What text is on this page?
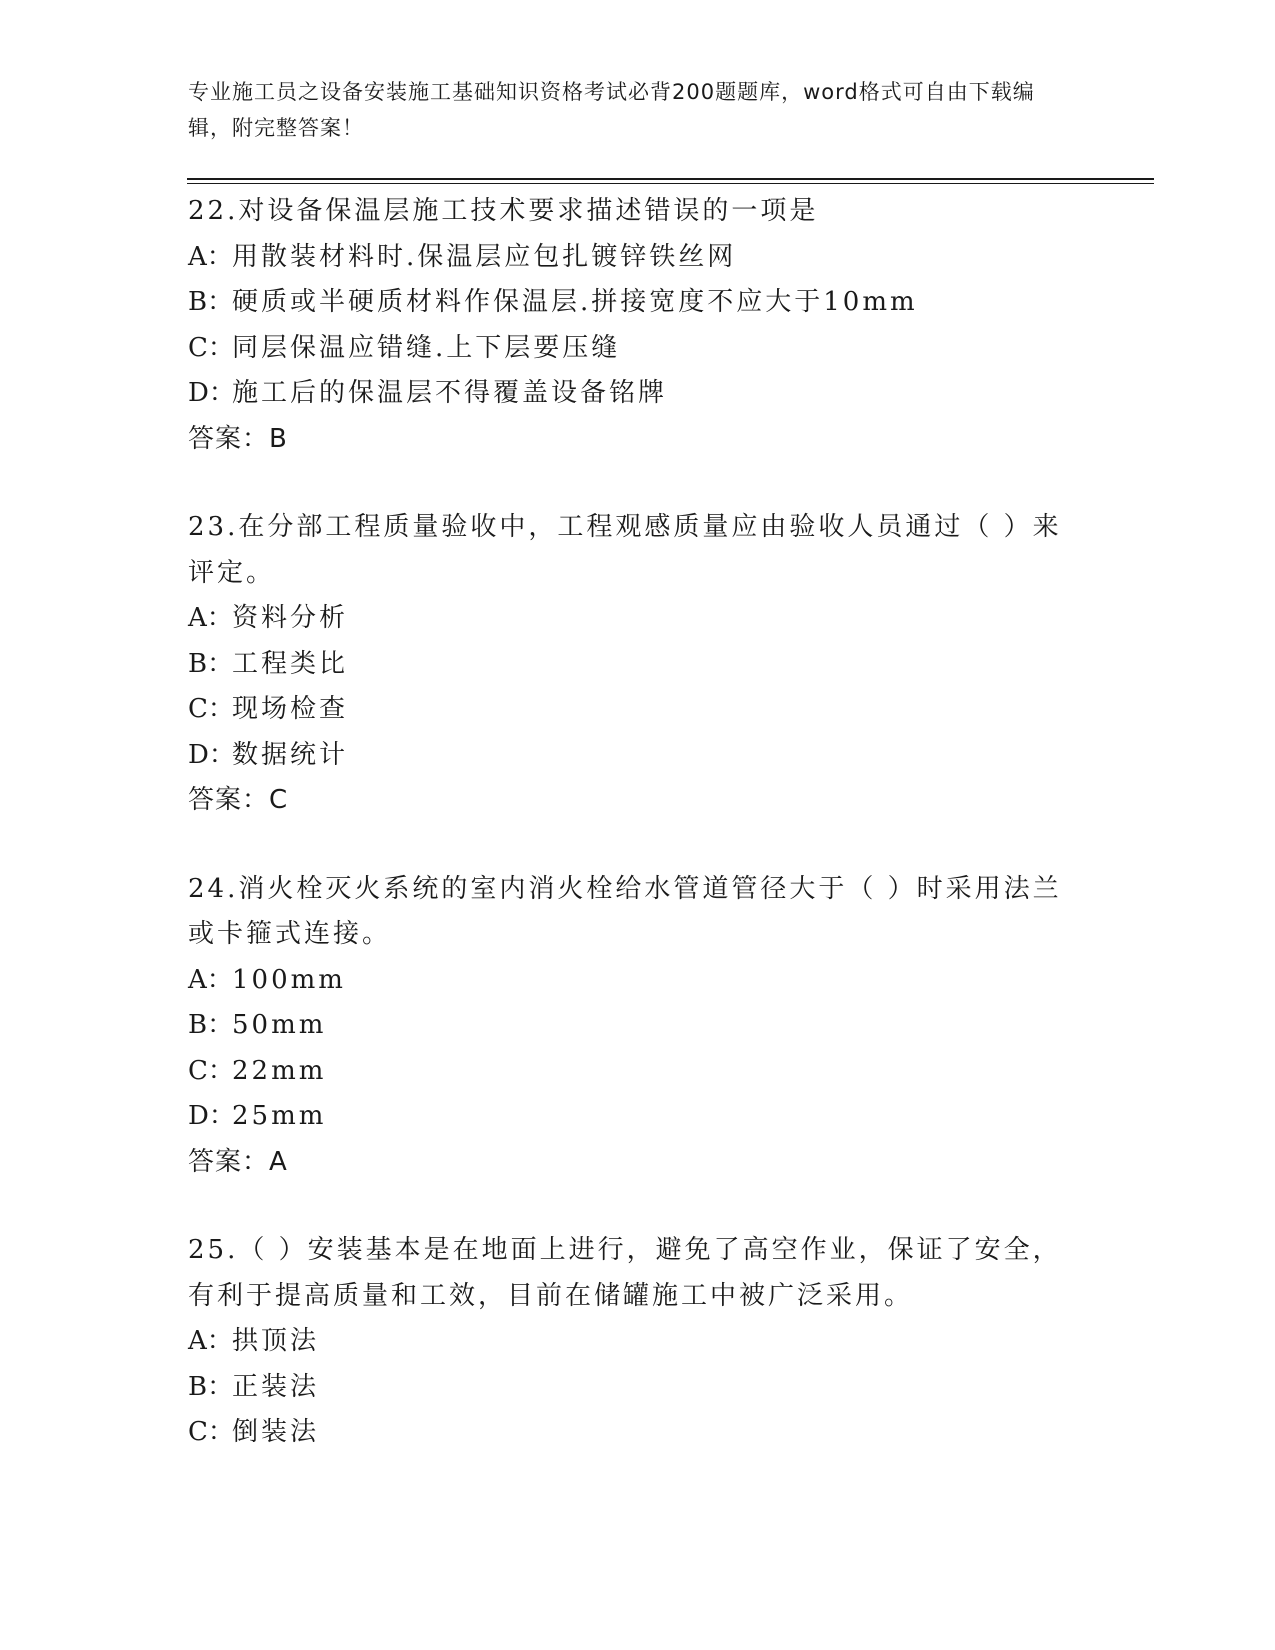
专业施工员之设备安装施工基础知识资格考试必背200题题库，word格式可自由下载编辑，附完整答案！
22.对设备保温层施工技术要求描述错误的一项是
A：用散装材料时.保温层应包扎镀锌铁丝网
B：硬质或半硬质材料作保温层.拼接宽度不应大于10mm
C：同层保温应错缝.上下层要压缝
D：施工后的保温层不得覆盖设备铭牌
答案：B
23.在分部工程质量验收中，工程观感质量应由验收人员通过（ ）来评定。
A：资料分析
B：工程类比
C：现场检查
D：数据统计
答案：C
24.消火栓灭火系统的室内消火栓给水管道管径大于（ ）时采用法兰或卡箍式连接。
A：100mm
B：50mm
C：22mm
D：25mm
答案：A
25.（ ）安装基本是在地面上进行，避免了高空作业，保证了安全，有利于提高质量和工效，目前在储罐施工中被广泛采用。
A：拱顶法
B：正装法
C：倒装法
